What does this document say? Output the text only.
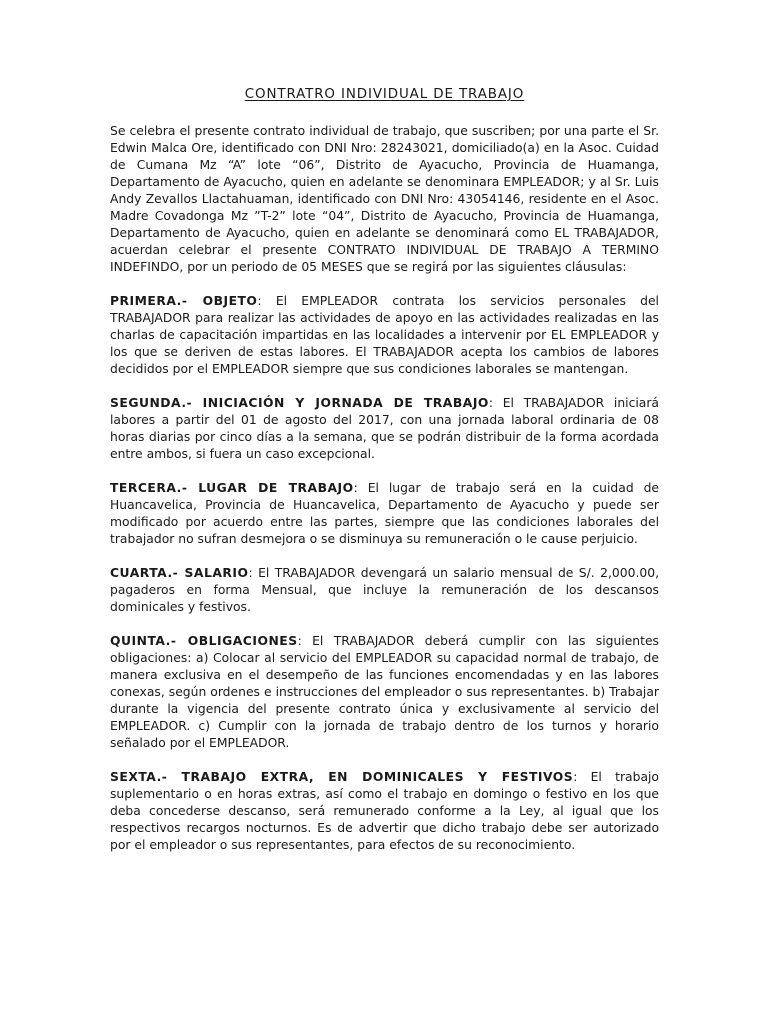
CONTRATRO INDIVIDUAL DE TRABAJO

Se celebra el presente contrato individual de trabajo, que suscriben; por una parte el Sr. Edwin Malca Ore, identificado con DNI Nro: 28243021, domiciliado(a) en la Asoc. Cuidad de Cumana Mz “A” lote “06”, Distrito de Ayacucho, Provincia de Huamanga, Departamento de Ayacucho, quien en adelante se denominara EMPLEADOR; y al Sr. Luis Andy Zevallos Llactahuaman, identificado con DNI Nro: 43054146, residente en el Asoc. Madre Covadonga Mz ”T-2” lote “04”, Distrito de Ayacucho, Provincia de Huamanga, Departamento de Ayacucho, quien en adelante se denominará como EL TRABAJADOR, acuerdan celebrar el presente CONTRATO INDIVIDUAL DE TRABAJO A TERMINO INDEFINDO, por un periodo de 05 MESES que se regirá por las siguientes cláusulas:

PRIMERA.- OBJETO: El EMPLEADOR contrata los servicios personales del TRABAJADOR para realizar las actividades de apoyo en las actividades realizadas en las charlas de capacitación impartidas en las localidades a intervenir por EL EMPLEADOR y los que se deriven de estas labores. El TRABAJADOR acepta los cambios de labores decididos por el EMPLEADOR siempre que sus condiciones laborales se mantengan.

SEGUNDA.- INICIACIÓN Y JORNADA DE TRABAJO: El TRABAJADOR iniciará labores a partir del 01 de agosto del 2017, con una jornada laboral ordinaria de 08 horas diarias por cinco días a la semana, que se podrán distribuir de la forma acordada entre ambos, si fuera un caso excepcional.

TERCERA.- LUGAR DE TRABAJO: El lugar de trabajo será en la cuidad de Huancavelica, Provincia de Huancavelica, Departamento de Ayacucho y puede ser modificado por acuerdo entre las partes, siempre que las condiciones laborales del trabajador no sufran desmejora o se disminuya su remuneración o le cause perjuicio.

CUARTA.- SALARIO: El TRABAJADOR devengará un salario mensual de S/. 2,000.00, pagaderos en forma Mensual, que incluye la remuneración de los descansos dominicales y festivos.

QUINTA.- OBLIGACIONES: El TRABAJADOR deberá cumplir con las siguientes obligaciones: a) Colocar al servicio del EMPLEADOR su capacidad normal de trabajo, de manera exclusiva en el desempeño de las funciones encomendadas y en las labores conexas, según ordenes e instrucciones del empleador o sus representantes. b) Trabajar durante la vigencia del presente contrato única y exclusivamente al servicio del EMPLEADOR. c) Cumplir con la jornada de trabajo dentro de los turnos y horario señalado por el EMPLEADOR.

SEXTA.- TRABAJO EXTRA, EN DOMINICALES Y FESTIVOS: El trabajo suplementario o en horas extras, así como el trabajo en domingo o festivo en los que deba concederse descanso, será remunerado conforme a la Ley, al igual que los respectivos recargos nocturnos. Es de advertir que dicho trabajo debe ser autorizado por el empleador o sus representantes, para efectos de su reconocimiento.
